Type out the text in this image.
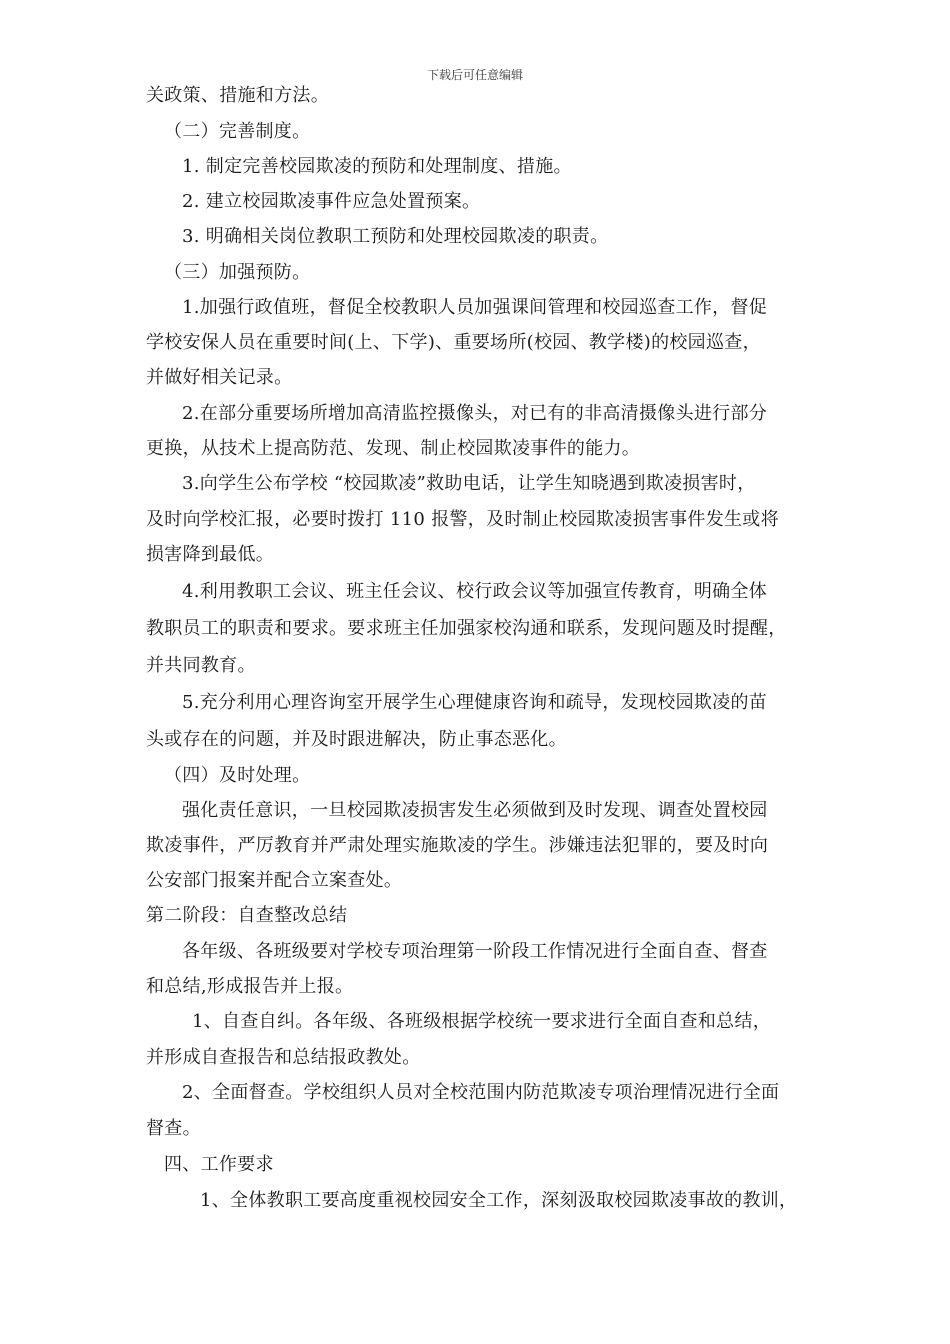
下载后可任意编辑
关政策、措施和方法。
（二）完善制度。
1. 制定完善校园欺凌的预防和处理制度、措施。
2. 建立校园欺凌事件应急处置预案。
3. 明确相关岗位教职工预防和处理校园欺凌的职责。
（三）加强预防。
1.加强行政值班，督促全校教职人员加强课间管理和校园巡查工作，督促
学校安保人员在重要时间(上、下学)、重要场所(校园、教学楼)的校园巡查，
并做好相关记录。
2.在部分重要场所增加高清监控摄像头，对已有的非高清摄像头进行部分
更换，从技术上提高防范、发现、制止校园欺凌事件的能力。
3.向学生公布学校 “校园欺凌”救助电话，让学生知晓遇到欺凌损害时，
及时向学校汇报，必要时拨打 110 报警，及时制止校园欺凌损害事件发生或将
损害降到最低。
4.利用教职工会议、班主任会议、校行政会议等加强宣传教育，明确全体
教职员工的职责和要求。要求班主任加强家校沟通和联系，发现问题及时提醒，
并共同教育。
5.充分利用心理咨询室开展学生心理健康咨询和疏导，发现校园欺凌的苗
头或存在的问题，并及时跟进解决，防止事态恶化。
（四）及时处理。
强化责任意识，一旦校园欺凌损害发生必须做到及时发现、调查处置校园
欺凌事件，严厉教育并严肃处理实施欺凌的学生。涉嫌违法犯罪的，要及时向
公安部门报案并配合立案查处。
第二阶段：自查整改总结
各年级、各班级要对学校专项治理第一阶段工作情况进行全面自查、督查
和总结,形成报告并上报。
1、自查自纠。各年级、各班级根据学校统一要求进行全面自查和总结，
并形成自查报告和总结报政教处。
2、全面督查。学校组织人员对全校范围内防范欺凌专项治理情况进行全面
督查。
四、工作要求
1、全体教职工要高度重视校园安全工作，深刻汲取校园欺凌事故的教训，
